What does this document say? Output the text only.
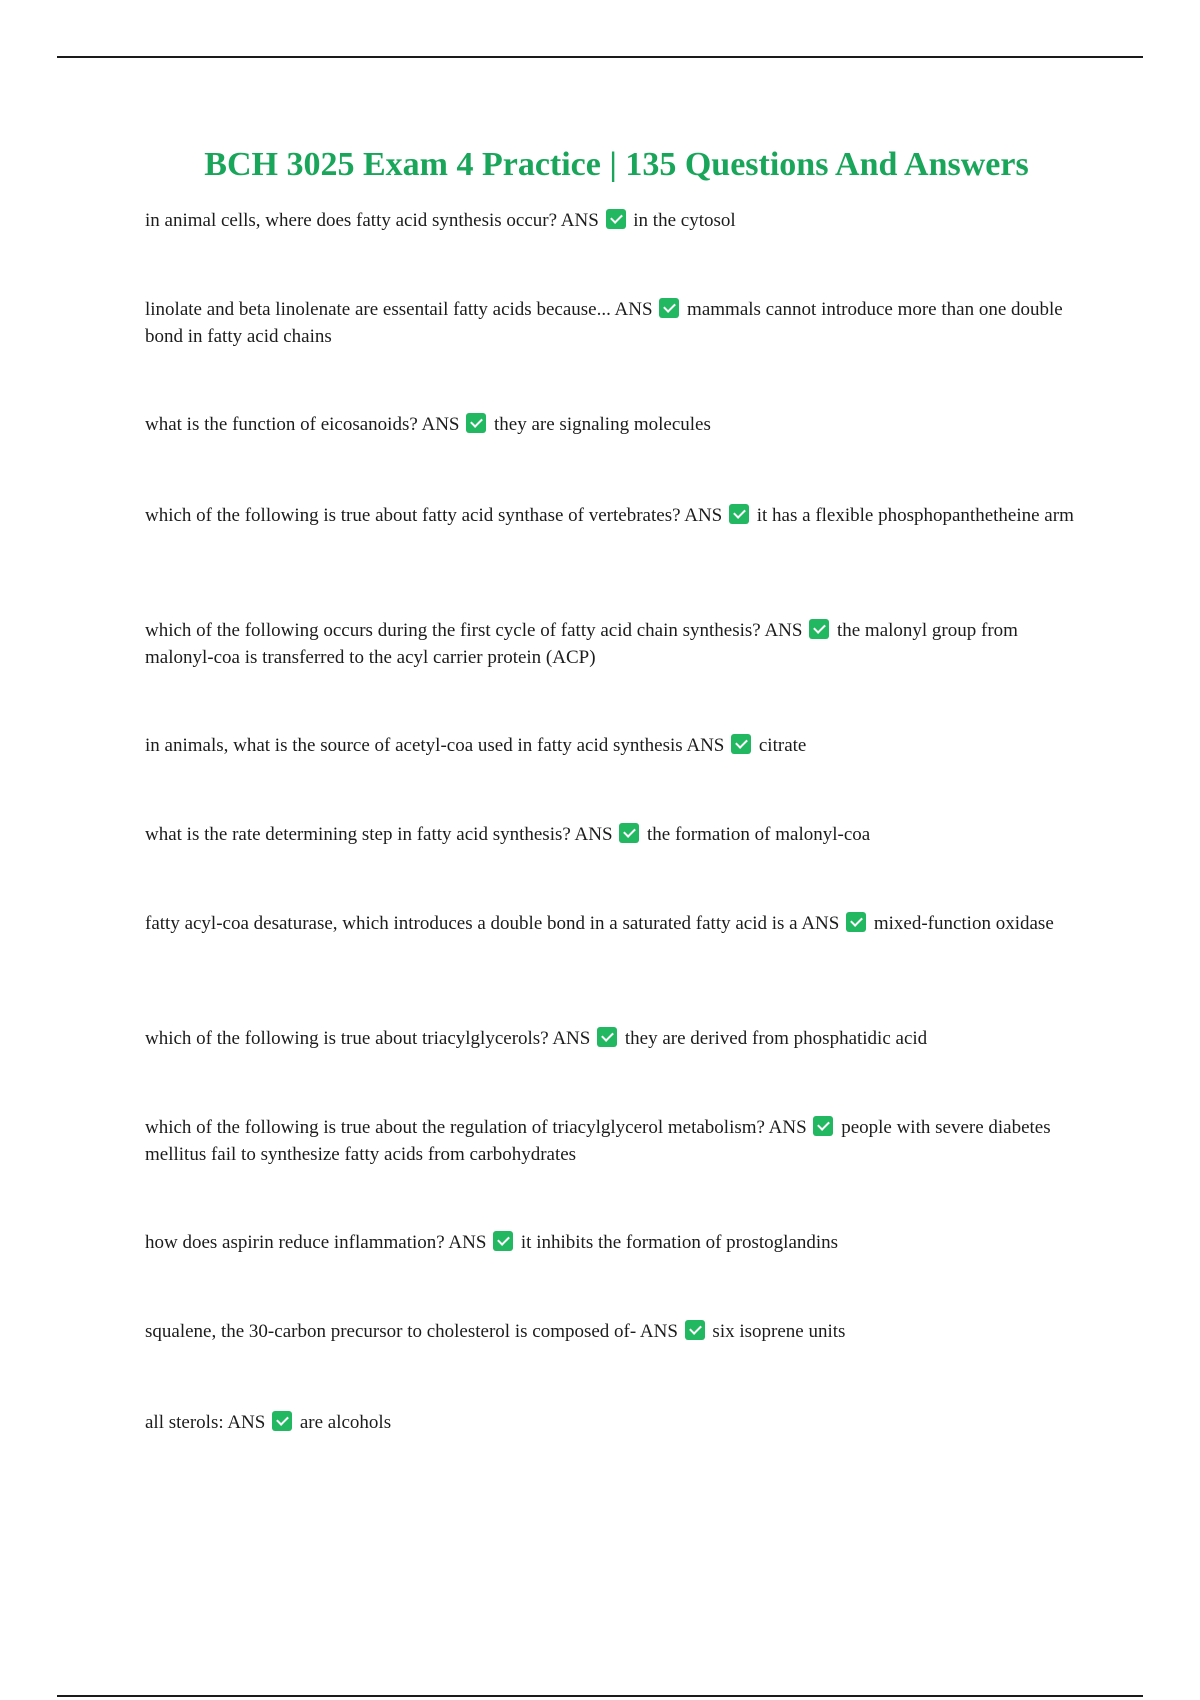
BCH 3025 Exam 4 Practice | 135 Questions And Answers

in animal cells, where does fatty acid synthesis occur? ANS in the cytosol

linolate and beta linolenate are essentail fatty acids because... ANS mammals cannot introduce more than one double bond in fatty acid chains

what is the function of eicosanoids? ANS they are signaling molecules

which of the following is true about fatty acid synthase of vertebrates? ANS it has a flexible phosphopanthetheine arm

which of the following occurs during the first cycle of fatty acid chain synthesis? ANS the malonyl group from malonyl-coa is transferred to the acyl carrier protein (ACP)

in animals, what is the source of acetyl-coa used in fatty acid synthesis ANS citrate

what is the rate determining step in fatty acid synthesis? ANS the formation of malonyl-coa

fatty acyl-coa desaturase, which introduces a double bond in a saturated fatty acid is a ANS mixed-function oxidase

which of the following is true about triacylglycerols? ANS they are derived from phosphatidic acid

which of the following is true about the regulation of triacylglycerol metabolism? ANS people with severe diabetes mellitus fail to synthesize fatty acids from carbohydrates

how does aspirin reduce inflammation? ANS it inhibits the formation of prostoglandins

squalene, the 30-carbon precursor to cholesterol is composed of- ANS six isoprene units

all sterols: ANS are alcohols
